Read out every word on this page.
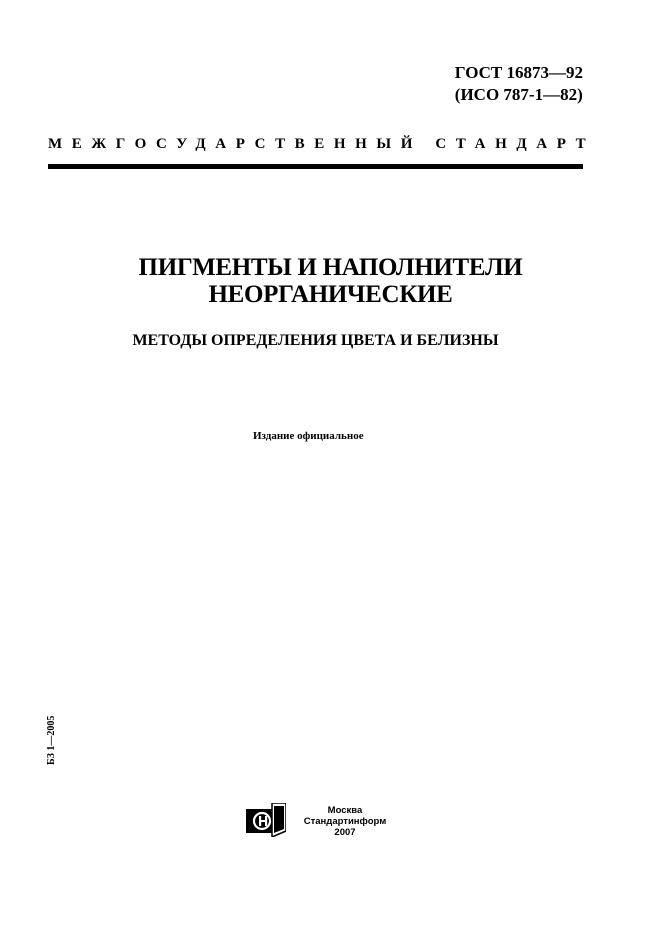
ГОСТ 16873—92
(ИСО 787-1—82)
МЕЖГОСУДАРСТВЕННЫЙ СТАНДАРТ
ПИГМЕНТЫ И НАПОЛНИТЕЛИ
НЕОРГАНИЧЕСКИЕ
МЕТОДЫ ОПРЕДЕЛЕНИЯ ЦВЕТА И БЕЛИЗНЫ
Издание официальное
БЗ 1—2005
Москва
Стандартинформ
2007
